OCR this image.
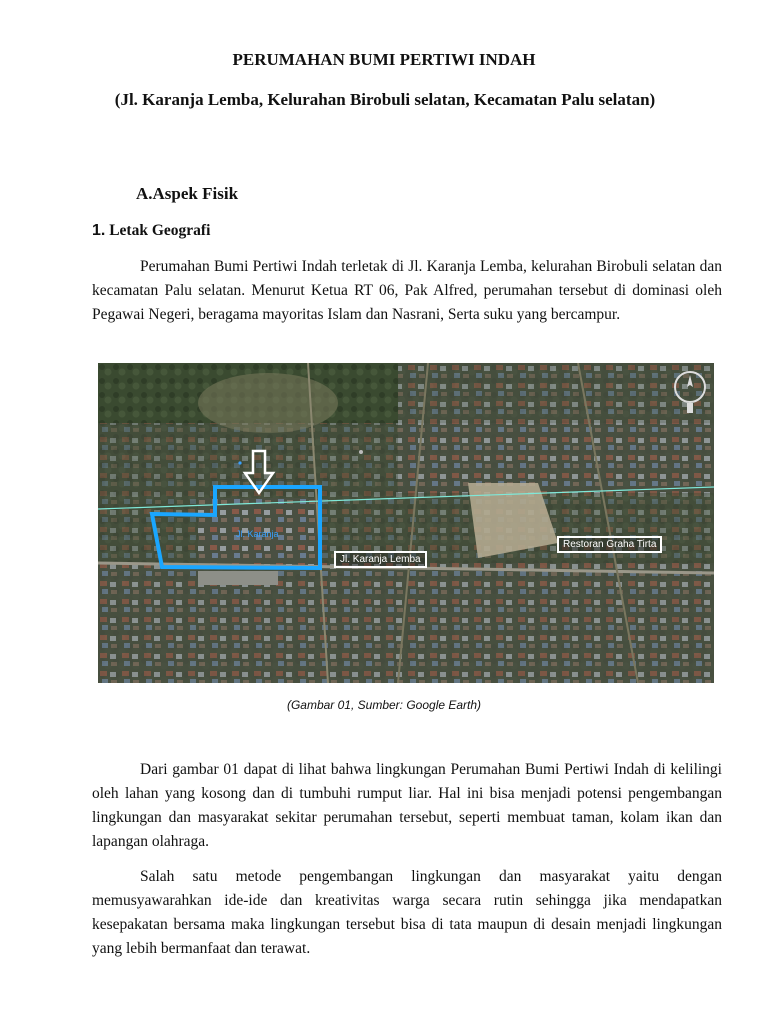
PERUMAHAN BUMI PERTIWI INDAH
(Jl. Karanja Lemba, Kelurahan Birobuli selatan, Kecamatan Palu selatan)
A.Aspek Fisik
1. Letak Geografi

Perumahan Bumi Pertiwi Indah terletak di Jl. Karanja Lemba, kelurahan Birobuli selatan dan kecamatan Palu selatan. Menurut Ketua RT 06, Pak Alfred, perumahan tersebut di dominasi oleh Pegawai Negeri, beragama mayoritas Islam dan Nasrani, Serta suku yang bercampur.

Jl. Karanja
Jl. Karanja Lemba
Restoran Graha Tirta

(Gambar 01, Sumber: Google Earth)

Dari gambar 01 dapat di lihat bahwa lingkungan Perumahan Bumi Pertiwi Indah di kelilingi oleh lahan yang kosong dan di tumbuhi rumput liar. Hal ini bisa menjadi potensi pengembangan lingkungan dan masyarakat sekitar perumahan tersebut, seperti membuat taman, kolam ikan dan lapangan olahraga.

Salah satu metode pengembangan lingkungan dan masyarakat yaitu dengan memusyawarahkan ide-ide dan kreativitas warga secara rutin sehingga jika mendapatkan kesepakatan bersama maka lingkungan tersebut bisa di tata maupun di desain menjadi lingkungan yang lebih bermanfaat dan terawat.
